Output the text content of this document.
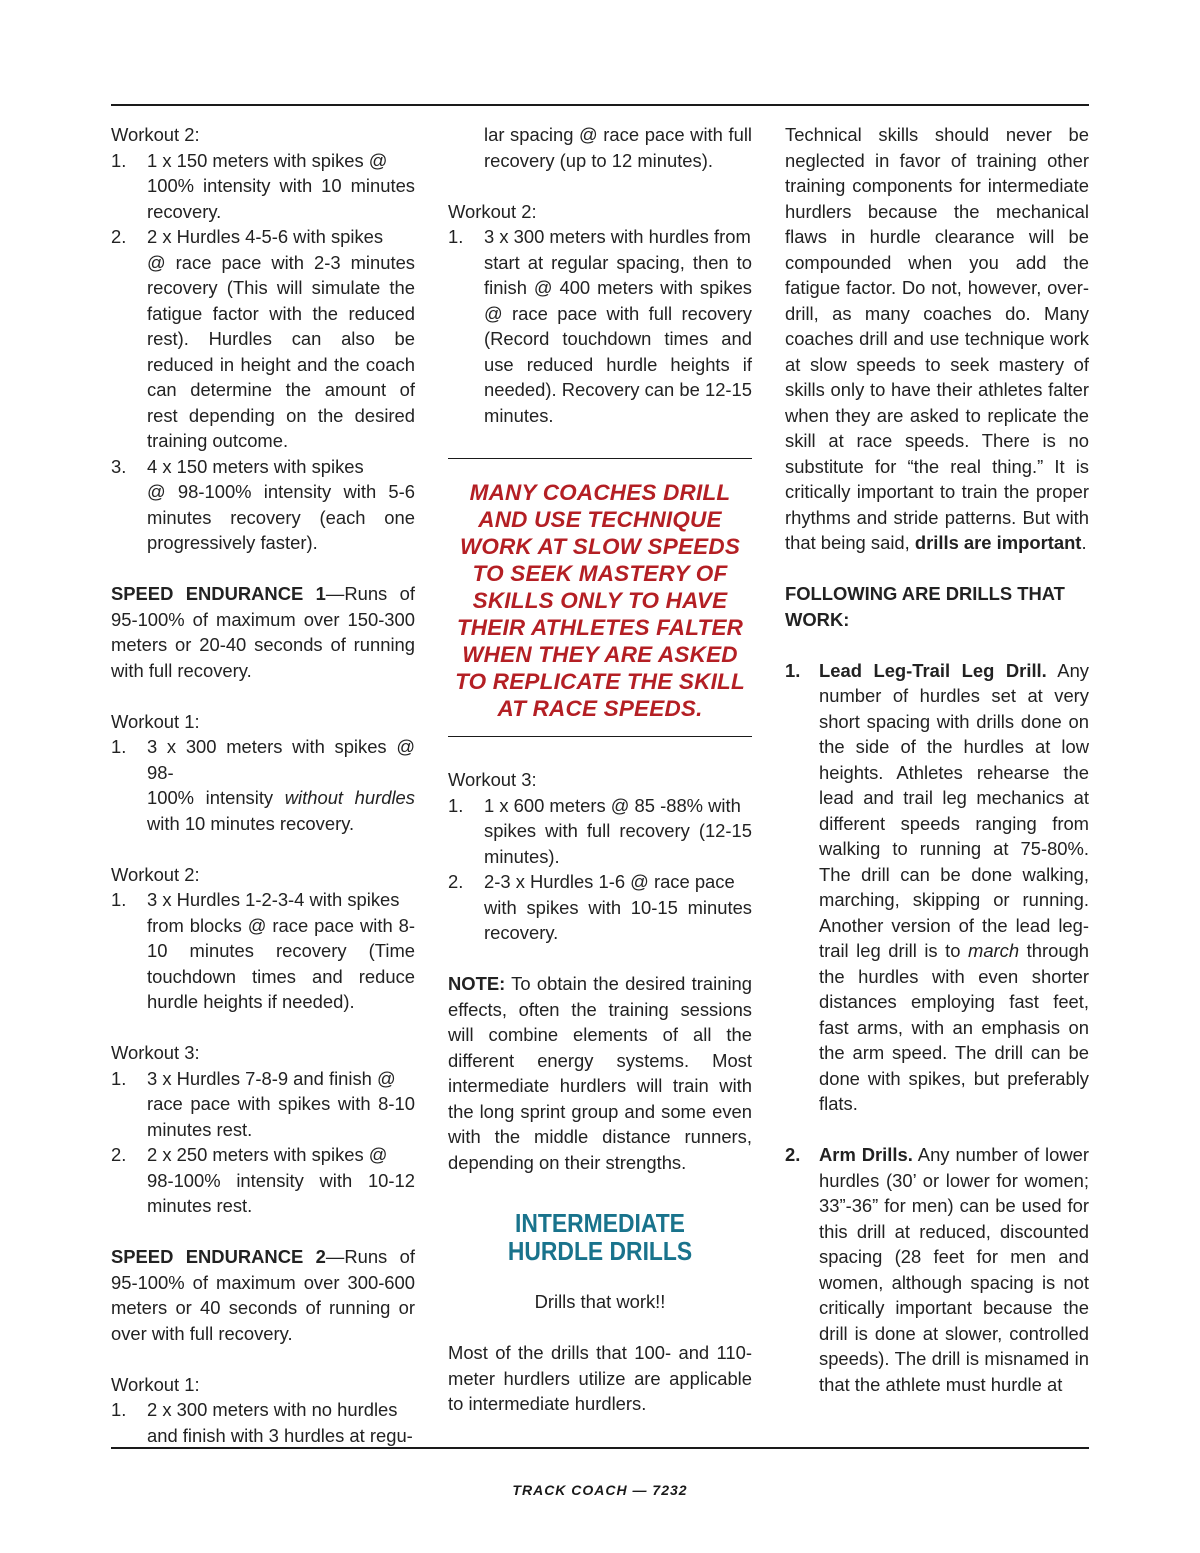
Workout 2:

1.	1 x 150 meters with spikes @

100% intensity with 10 minutes recovery.

2.	2 x Hurdles 4-5-6 with spikes

@ race pace with 2-3 minutes recovery (This will simulate the fatigue factor with the reduced rest). Hurdles can also be reduced in height and the coach can determine the amount of rest depending on the desired training outcome.

3.	4 x 150 meters with spikes

@ 98-100% intensity with 5-6 minutes recovery (each one progressively faster).

SPEED ENDURANCE 1—Runs of 95-100% of maximum over 150-300 meters or 20-40 seconds of running with full recovery.

Workout 1:

1.	3 x 300 meters with spikes @ 98-

100% intensity without hurdles with 10 minutes recovery.

Workout 2:

1.	3 x Hurdles 1-2-3-4 with spikes

from blocks @ race pace with 8-10 minutes recovery (Time touchdown times and reduce hurdle heights if needed).

Workout 3:

1.	3 x Hurdles 7-8-9 and finish @

race pace with spikes with 8-10 minutes rest.

2.	2 x 250 meters with spikes @

98-100% intensity with 10-12 minutes rest.

SPEED ENDURANCE 2—Runs of 95-100% of maximum over 300-600 meters or 40 seconds of running or over with full recovery.

Workout 1:

1.	2 x 300 meters with no hurdles

and finish with 3 hurdles at regu-

lar spacing @ race pace with full recovery (up to 12 minutes).

Workout 2:

1.	3 x 300 meters with hurdles from

start at regular spacing, then to finish @ 400 meters with spikes @ race pace with full recovery (Record touchdown times and use reduced hurdle heights if needed). Recovery can be 12-15 minutes.

MANY COACHES DRILL AND USE TECHNIQUE WORK AT SLOW SPEEDS TO SEEK MASTERY OF SKILLS ONLY TO HAVE THEIR ATHLETES FALTER WHEN THEY ARE ASKED TO REPLICATE THE SKILL AT RACE SPEEDS.

Workout 3:

1.	1 x 600 meters @ 85 -88% with

spikes with full recovery (12-15 minutes).

2.	2-3 x Hurdles 1-6 @ race pace

with spikes with 10-15 minutes recovery.

NOTE: To obtain the desired training effects, often the training sessions will combine elements of all the different energy systems. Most intermediate hurdlers will train with the long sprint group and some even with the middle distance runners, depending on their strengths.

INTERMEDIATE HURDLE DRILLS

Drills that work!!

Most of the drills that 100- and 110-meter hurdlers utilize are applicable to intermediate hurdlers.

Technical skills should never be neglected in favor of training other training components for intermediate hurdlers because the mechanical flaws in hurdle clearance will be compounded when you add the fatigue factor. Do not, however, over-drill, as many coaches do. Many coaches drill and use technique work at slow speeds to seek mastery of skills only to have their athletes falter when they are asked to replicate the skill at race speeds. There is no substitute for “the real thing.” It is critically important to train the proper rhythms and stride patterns. But with that being said, drills are important.

FOLLOWING ARE DRILLS THAT WORK:

1.	Lead Leg-Trail Leg Drill. Any number of hurdles set at very short spacing with drills done on the side of the hurdles at low heights. Athletes rehearse the lead and trail leg mechanics at different speeds ranging from walking to running at 75-80%. The drill can be done walking, marching, skipping or running. Another version of the lead leg-trail leg drill is to march through the hurdles with even shorter distances employing fast feet, fast arms, with an emphasis on the arm speed. The drill can be done with spikes, but preferably flats.
2.	Arm Drills. Any number of lower hurdles (30’ or lower for women; 33”-36” for men) can be used for this drill at reduced, discounted spacing (28 feet for men and women, although spacing is not critically important because the drill is done at slower, controlled speeds). The drill is misnamed in that the athlete must hurdle at
TRACK COACH — 7232
